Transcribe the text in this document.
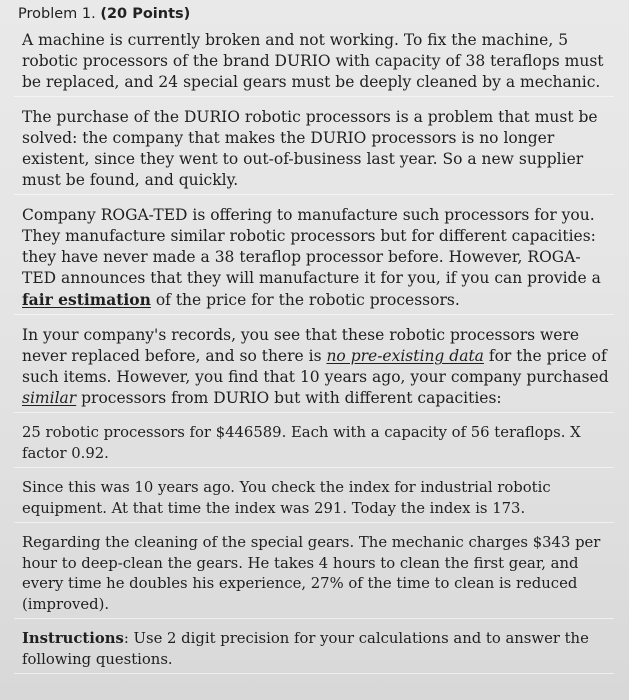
Problem 1. (20 Points)
A machine is currently broken and not working. To fix the machine, 5 robotic processors of the brand DURIO with capacity of 38 teraflops must be replaced, and 24 special gears must be deeply cleaned by a mechanic.
The purchase of the DURIO robotic processors is a problem that must be solved: the company that makes the DURIO processors is no longer existent, since they went to out-of-business last year. So a new supplier must be found, and quickly.
Company ROGA-TED is offering to manufacture such processors for you. They manufacture similar robotic processors but for different capacities: they have never made a 38 teraflop processor before. However, ROGA-TED announces that they will manufacture it for you, if you can provide a fair estimation of the price for the robotic processors.
In your company's records, you see that these robotic processors were never replaced before, and so there is no pre-existing data for the price of such items. However, you find that 10 years ago, your company purchased similar processors from DURIO but with different capacities:
25 robotic processors for $446589. Each with a capacity of 56 teraflops. X factor 0.92.
Since this was 10 years ago. You check the index for industrial robotic equipment. At that time the index was 291. Today the index is 173.
Regarding the cleaning of the special gears. The mechanic charges $343 per hour to deep-clean the gears. He takes 4 hours to clean the first gear, and every time he doubles his experience, 27% of the time to clean is reduced (improved).
Instructions: Use 2 digit precision for your calculations and to answer the following questions.
